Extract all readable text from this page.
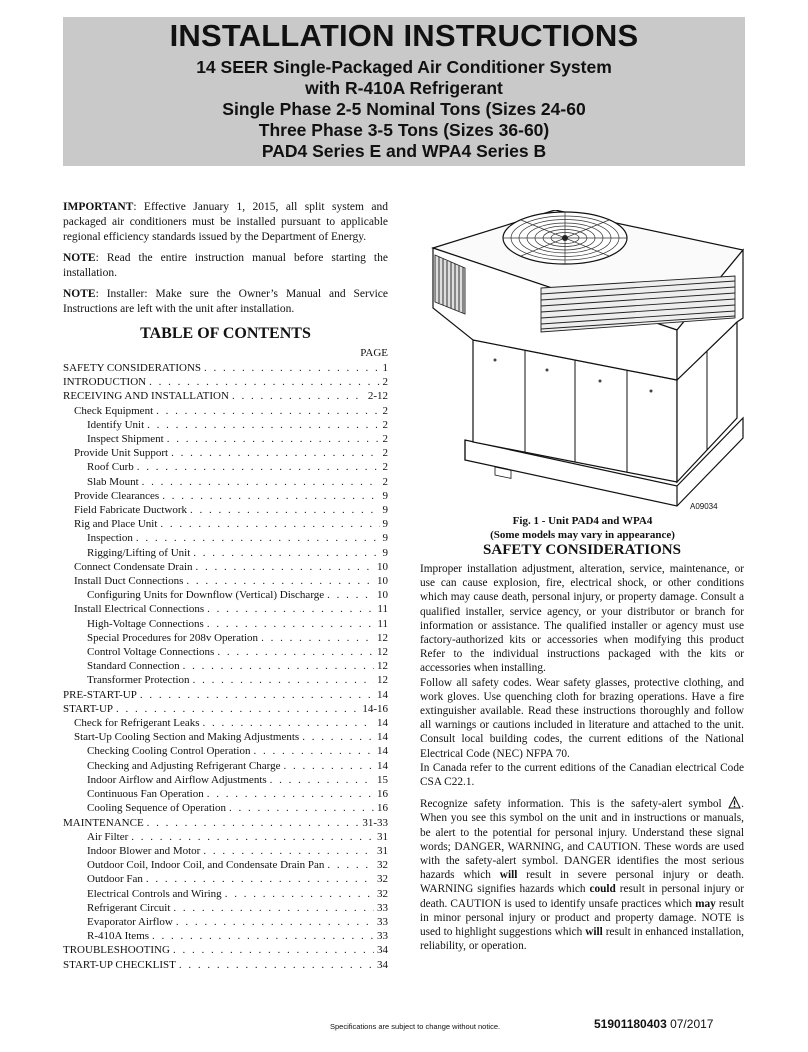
INSTALLATION INSTRUCTIONS
14 SEER Single-Packaged Air Conditioner System
with R-410A Refrigerant
Single Phase 2-5 Nominal Tons (Sizes 24-60
Three Phase 3-5 Tons (Sizes 36-60)
PAD4 Series E and WPA4 Series B

IMPORTANT: Effective January 1, 2015, all split system and packaged air conditioners must be installed pursuant to applicable regional efficiency standards issued by the Department of Energy.

NOTE: Read the entire instruction manual before starting the installation.

NOTE: Installer: Make sure the Owner’s Manual and Service Instructions are left with the unit after installation.

TABLE OF CONTENTS
PAGE
SAFETY CONSIDERATIONS . . .	1
INTRODUCTION . . .	2
RECEIVING AND INSTALLATION . . .	2-12
Check Equipment . . .	2
Identify Unit . . .	2
Inspect Shipment . . .	2
Provide Unit Support . . .	2
Roof Curb . . .	2
Slab Mount . . .	2
Provide Clearances . . .	9
Field Fabricate Ductwork . . .	9
Rig and Place Unit . . .	9
Inspection . . .	9
Rigging/Lifting of Unit . . .	9
Connect Condensate Drain . . .	10
Install Duct Connections . . .	10
Configuring Units for Downflow (Vertical) Discharge . . .	10
Install Electrical Connections . . .	11
High-Voltage Connections . . .	11
Special Procedures for 208v Operation . . .	12
Control Voltage Connections . . .	12
Standard Connection . . .	12
Transformer Protection . . .	12
PRE-START-UP . . .	14
START-UP . . .	14-16
Check for Refrigerant Leaks . . .	14
Start-Up Cooling Section and Making Adjustments . . .	14
Checking Cooling Control Operation . . .	14
Checking and Adjusting Refrigerant Charge . . .	14
Indoor Airflow and Airflow Adjustments . . .	15
Continuous Fan Operation . . .	16
Cooling Sequence of Operation . . .	16
MAINTENANCE . . .	31-33
Air Filter . . .	31
Indoor Blower and Motor . . .	31
Outdoor Coil, Indoor Coil, and Condensate Drain Pan . . .	32
Outdoor Fan . . .	32
Electrical Controls and Wiring . . .	32
Refrigerant Circuit . . .	33
Evaporator Airflow . . .	33
R-410A Items . . .	33
TROUBLESHOOTING . . .	34
START-UP CHECKLIST . . .	34
A09034
Fig. 1 - Unit PAD4 and WPA4
(Some models may vary in appearance)
SAFETY CONSIDERATIONS

Improper installation adjustment, alteration, service, maintenance, or use can cause explosion, fire, electrical shock, or other conditions which may cause death, personal injury, or property damage. Consult a qualified installer, service agency, or your distributor or branch for information or assistance. The qualified installer or agency must use factory-authorized kits or accessories when modifying this product Refer to the individual instructions packaged with the kits or accessories when installing.

Follow all safety codes. Wear safety glasses, protective clothing, and work gloves. Use quenching cloth for brazing operations. Have a fire extinguisher available. Read these instructions thoroughly and follow all warnings or cautions included in literature and attached to the unit. Consult local building codes, the current editions of the National Electrical Code (NEC) NFPA 70.

In Canada refer to the current editions of the Canadian electrical Code CSA C22.1.

Recognize safety information. This is the safety-alert symbol . When you see this symbol on the unit and in instructions or manuals, be alert to the potential for personal injury. Understand these signal words; DANGER, WARNING, and CAUTION. These words are used with the safety-alert symbol. DANGER identifies the most serious hazards which will result in severe personal injury or death. WARNING signifies hazards which could result in personal injury or death. CAUTION is used to identify unsafe practices which may result in minor personal injury or product and property damage. NOTE is used to highlight suggestions which will result in enhanced installation, reliability, or operation.

Specifications are subject to change without notice.	51901180403 07/2017
